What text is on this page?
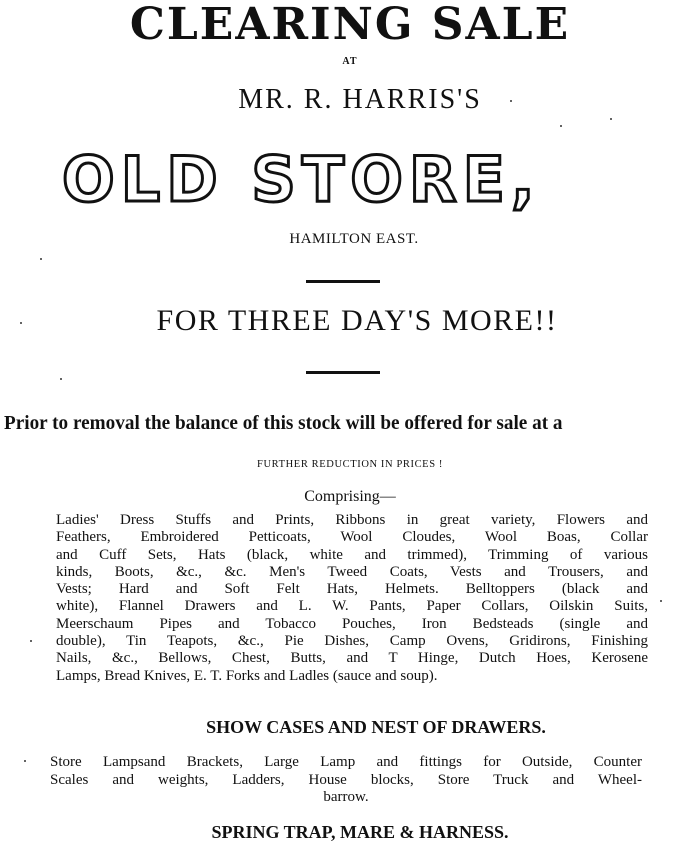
CLEARING SALE
AT
MR. R. HARRIS'S
OLD STORE,
HAMILTON EAST.
FOR THREE DAY'S MORE!!
Prior to removal the balance of this stock will be offered for sale at a
FURTHER REDUCTION IN PRICES !
Comprising—
Ladies' Dress Stuffs and Prints, Ribbons in great variety, Flowers and
Feathers, Embroidered Petticoats, Wool Cloudes, Wool Boas, Collar
and Cuff Sets, Hats (black, white and trimmed), Trimming of various
kinds, Boots, &c., &c. Men's Tweed Coats, Vests and Trousers, and
Vests; Hard and Soft Felt Hats, Helmets. Belltoppers (black and
white), Flannel Drawers and L. W. Pants, Paper Collars, Oilskin Suits,
Meerschaum Pipes and Tobacco Pouches, Iron Bedsteads (single and
double), Tin Teapots, &c., Pie Dishes, Camp Ovens, Gridirons, Finishing
Nails, &c., Bellows, Chest, Butts, and T Hinge, Dutch Hoes, Kerosene
Lamps, Bread Knives, E. T. Forks and Ladles (sauce and soup).
SHOW CASES AND NEST OF DRAWERS.
Store Lampsand Brackets, Large Lamp and fittings for Outside, Counter
Scales and weights, Ladders, House blocks, Store Truck and Wheel-
barrow.
SPRING TRAP, MARE & HARNESS.
